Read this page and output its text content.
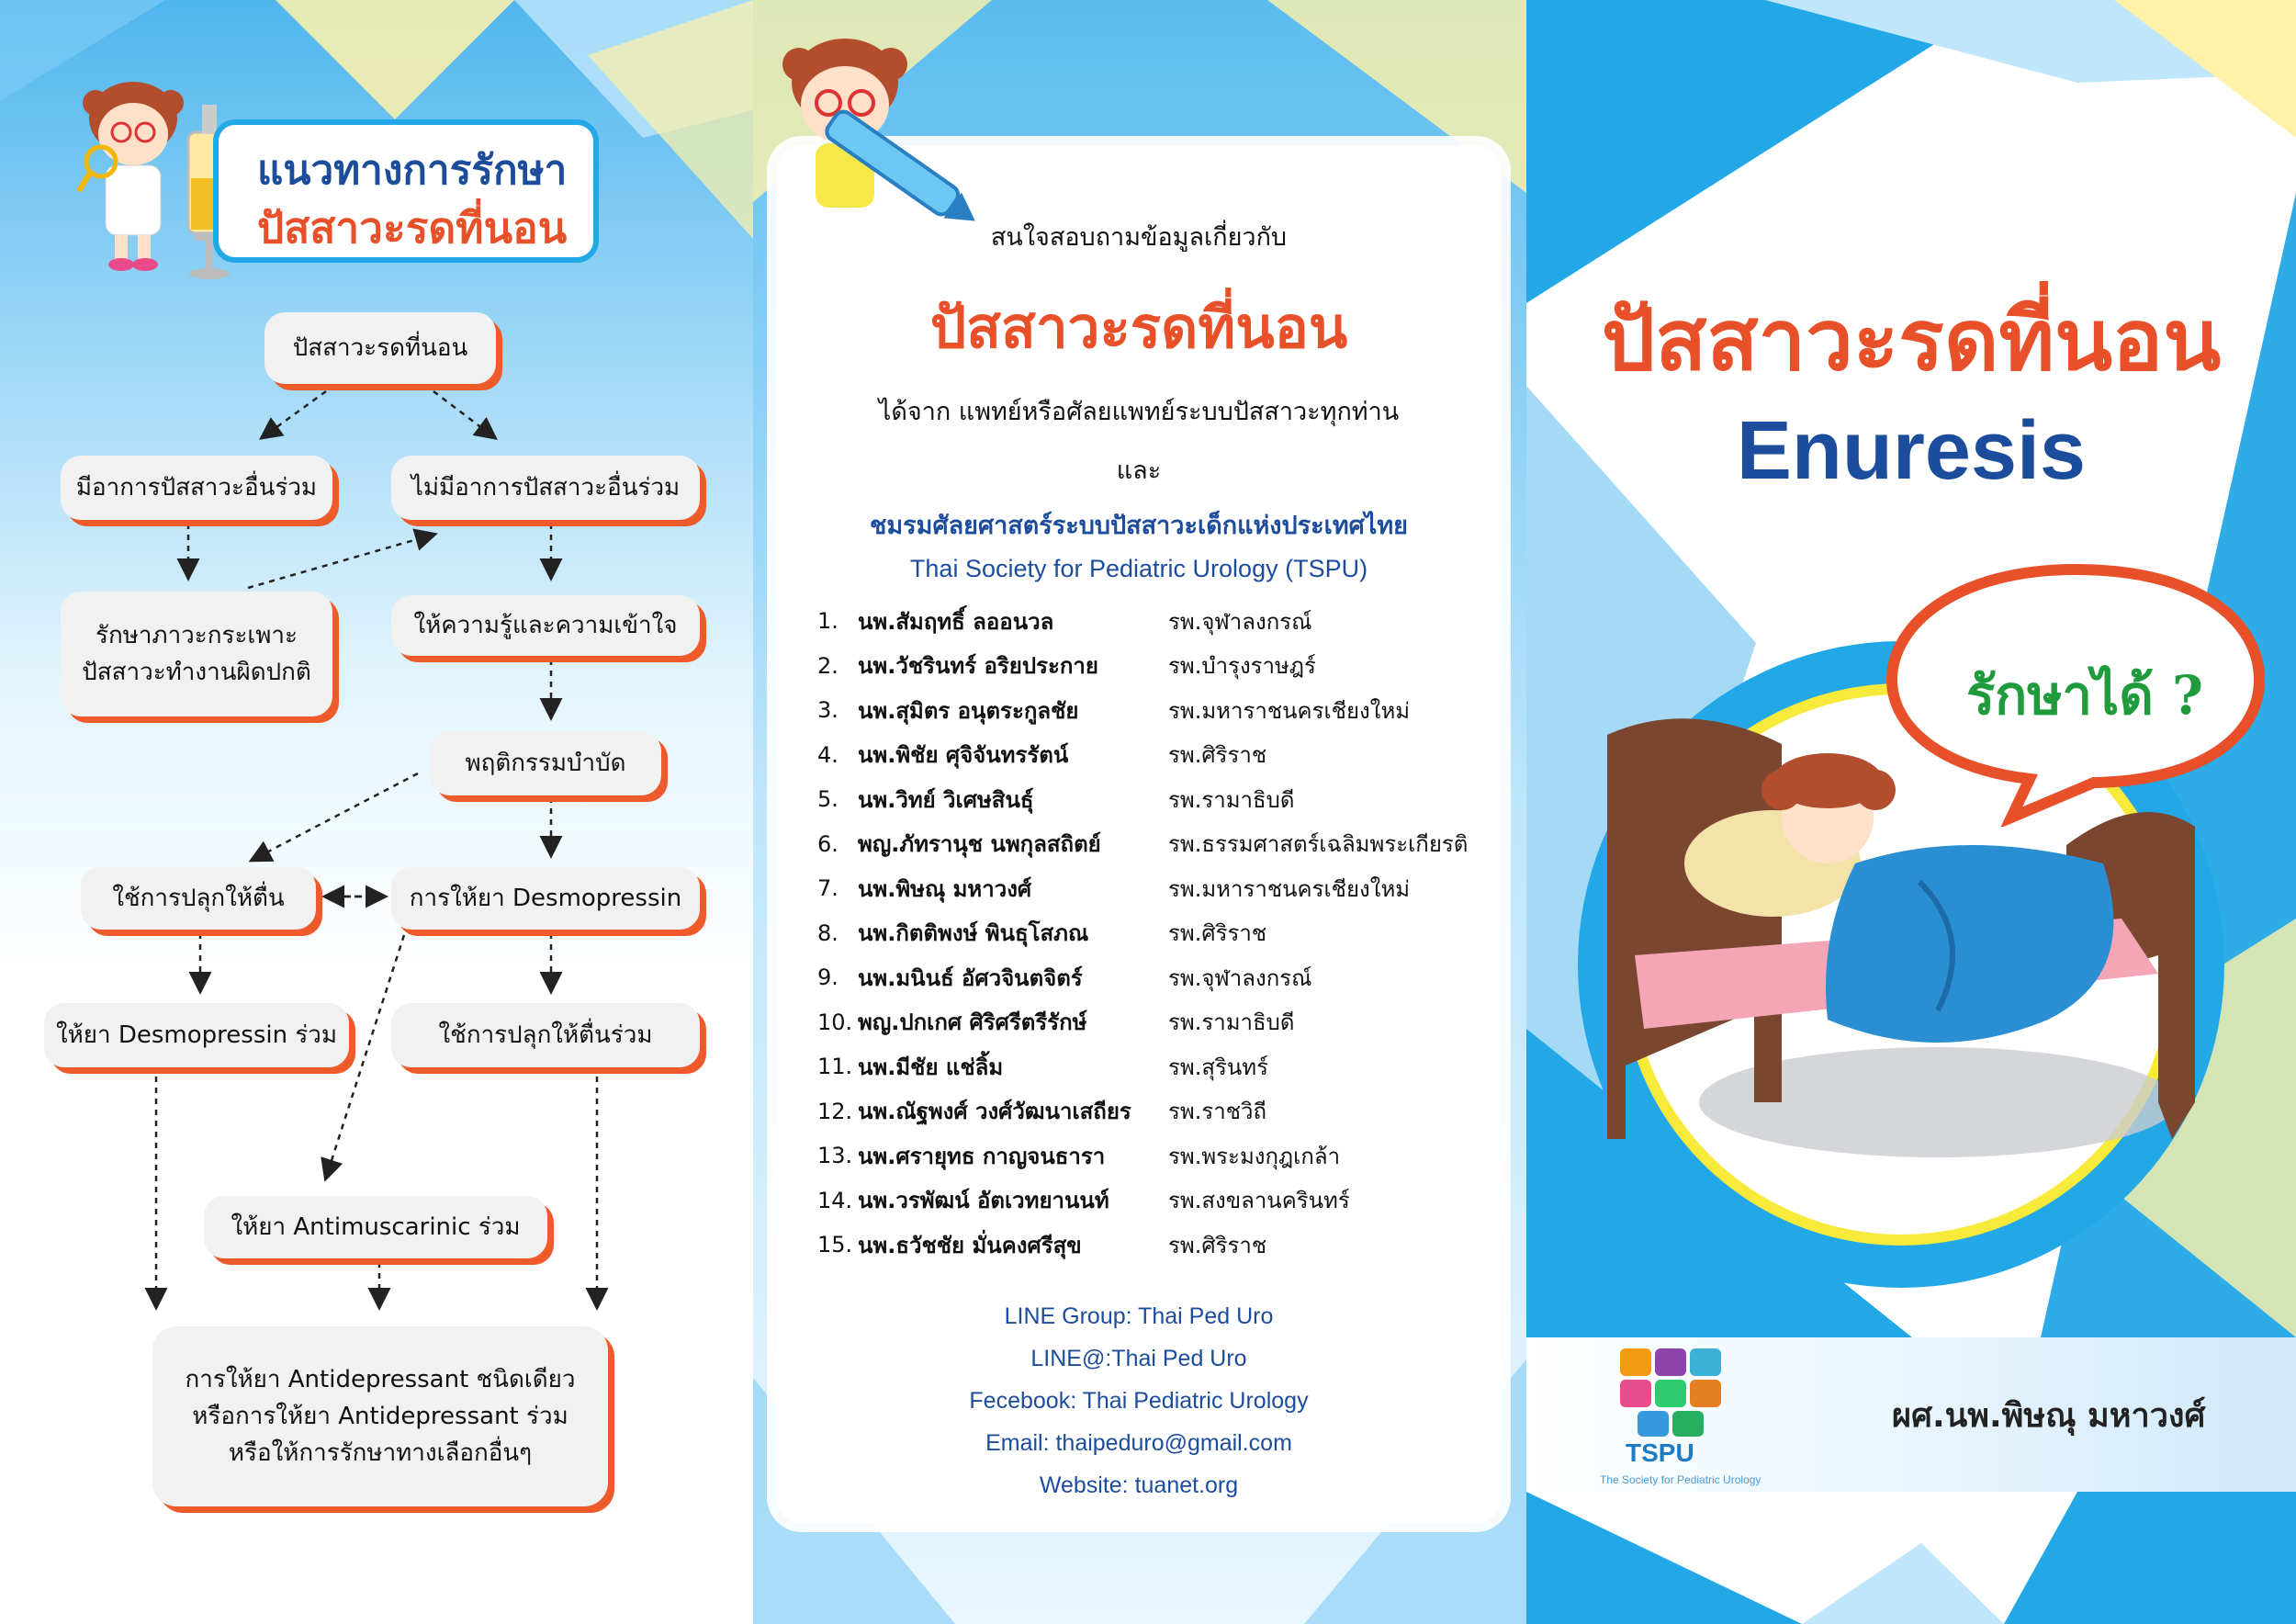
แนวทางการรักษา
ปัสสาวะรดที่นอน
ปัสสาวะรดที่นอน
มีอาการปัสสาวะอื่นร่วม	ไม่มีอาการปัสสาวะอื่นร่วม
รักษาภาวะกระเพาะ
ปัสสาวะทำงานผิดปกติ
ให้ความรู้และความเข้าใจ
พฤติกรรมบำบัด
ใช้การปลุกให้ตื่น	การให้ยา Desmopressin
ให้ยา Desmopressin ร่วม	ใช้การปลุกให้ตื่นร่วม
ให้ยา Antimuscarinic ร่วม
การให้ยา Antidepressant ชนิดเดียว
หรือการให้ยา Antidepressant ร่วม
หรือให้การรักษาทางเลือกอื่นๆ
สนใจสอบถามข้อมูลเกี่ยวกับ
ปัสสาวะรดที่นอน
ได้จาก แพทย์หรือศัลยแพทย์ระบบปัสสาวะทุกท่าน
และ
ชมรมศัลยศาสตร์ระบบปัสสาวะเด็กแห่งประเทศไทย
Thai Society for Pediatric Urology (TSPU)
1. นพ.สัมฤทธิ์ ลออนวล	รพ.จุฬาลงกรณ์
2. นพ.วัชรินทร์ อริยประกาย	รพ.บำรุงราษฎร์
3. นพ.สุมิตร อนุตระกูลชัย	รพ.มหาราชนครเชียงใหม่
4. นพ.พิชัย ศุจิจันทรรัตน์	รพ.ศิริราช
5. นพ.วิทย์ วิเศษสินธุ์	รพ.รามาธิบดี
6. พญ.ภัทรานุช นพกุลสถิตย์	รพ.ธรรมศาสตร์เฉลิมพระเกียรติ
7. นพ.พิษณุ มหาวงศ์	รพ.มหาราชนครเชียงใหม่
8. นพ.กิตติพงษ์ พินธุโสภณ	รพ.ศิริราช
9. นพ.มนินธ์ อัศวจินตจิตร์	รพ.จุฬาลงกรณ์
10. พญ.ปกเกศ ศิริศรีตรีรักษ์	รพ.รามาธิบดี
11. นพ.มีชัย แช่ลิ้ม	รพ.สุรินทร์
12. นพ.ณัฐพงศ์ วงศ์วัฒนาเสถียร	รพ.ราชวิถี
13. นพ.ศรายุทธ กาญจนธารา	รพ.พระมงกุฎเกล้า
14. นพ.วรพัฒน์ อัตเวทยานนท์	รพ.สงขลานครินทร์
15. นพ.ธวัชชัย มั่นคงศรีสุข	รพ.ศิริราช
LINE Group: Thai Ped Uro
LINE@:Thai Ped Uro
Fecebook: Thai Pediatric Urology
Email: thaipeduro@gmail.com
Website: tuanet.org
ปัสสาวะรดที่นอน
Enuresis
รักษาได้ ?
TSPU
The Society for Pediatric Urology
ผศ.นพ.พิษณุ มหาวงศ์
